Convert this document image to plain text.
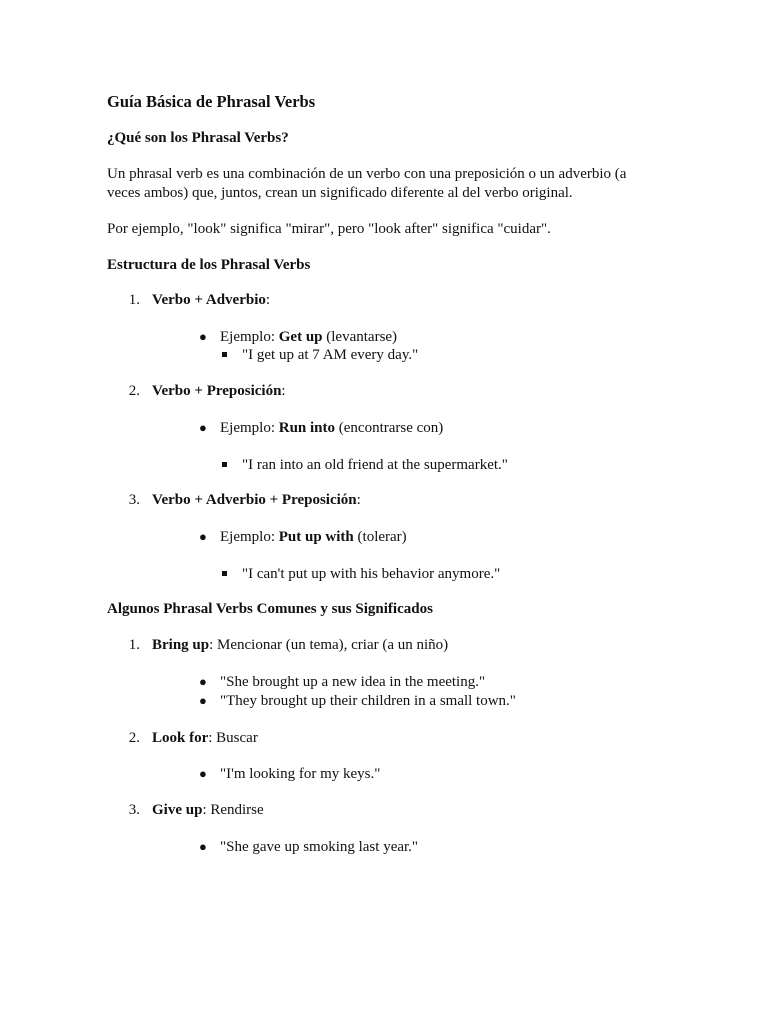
Guía Básica de Phrasal Verbs
¿Qué son los Phrasal Verbs?
Un phrasal verb es una combinación de un verbo con una preposición o un adverbio (a veces ambos) que, juntos, crean un significado diferente al del verbo original.
Por ejemplo, "look" significa "mirar", pero "look after" significa "cuidar".
Estructura de los Phrasal Verbs
1. Verbo + Adverbio:
● Ejemplo: Get up (levantarse)
"I get up at 7 AM every day."
2. Verbo + Preposición:
● Ejemplo: Run into (encontrarse con)
"I ran into an old friend at the supermarket."
3. Verbo + Adverbio + Preposición:
● Ejemplo: Put up with (tolerar)
"I can't put up with his behavior anymore."
Algunos Phrasal Verbs Comunes y sus Significados
1. Bring up: Mencionar (un tema), criar (a un niño)
● "She brought up a new idea in the meeting."
● "They brought up their children in a small town."
2. Look for: Buscar
● "I'm looking for my keys."
3. Give up: Rendirse
● "She gave up smoking last year."
